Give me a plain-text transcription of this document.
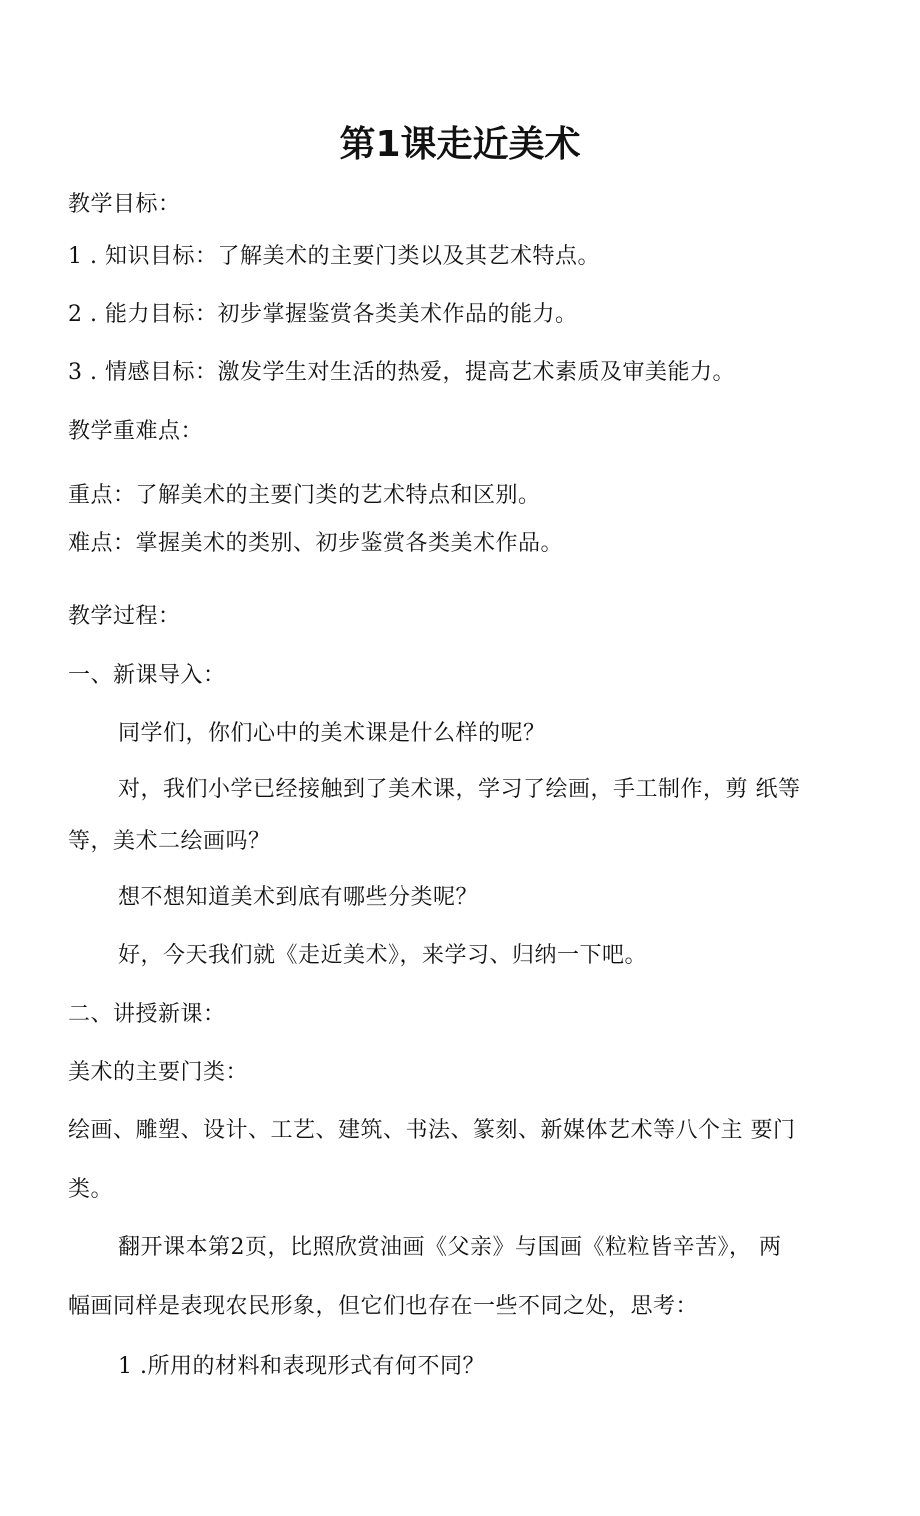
第1课走近美术
教学目标：
1 . 知识目标：了解美术的主要门类以及其艺术特点。
2 . 能力目标：初步掌握鉴赏各类美术作品的能力。
3 . 情感目标：激发学生对生活的热爱，提高艺术素质及审美能力。
教学重难点：
重点：了解美术的主要门类的艺术特点和区别。
难点：掌握美术的类别、初步鉴赏各类美术作品。
教学过程：
一、新课导入：
同学们，你们心中的美术课是什么样的呢？
对，我们小学已经接触到了美术课，学习了绘画，手工制作，剪 纸等
等，美术二绘画吗？
想不想知道美术到底有哪些分类呢？
好，今天我们就《走近美术》，来学习、归纳一下吧。
二、讲授新课：
美术的主要门类：
绘画、雕塑、设计、工艺、建筑、书法、篆刻、新媒体艺术等八个主 要门
类。
翻开课本第2页，比照欣赏油画《父亲》与国画《粒粒皆辛苦》， 两
幅画同样是表现农民形象，但它们也存在一些不同之处，思考：
1 .所用的材料和表现形式有何不同？
